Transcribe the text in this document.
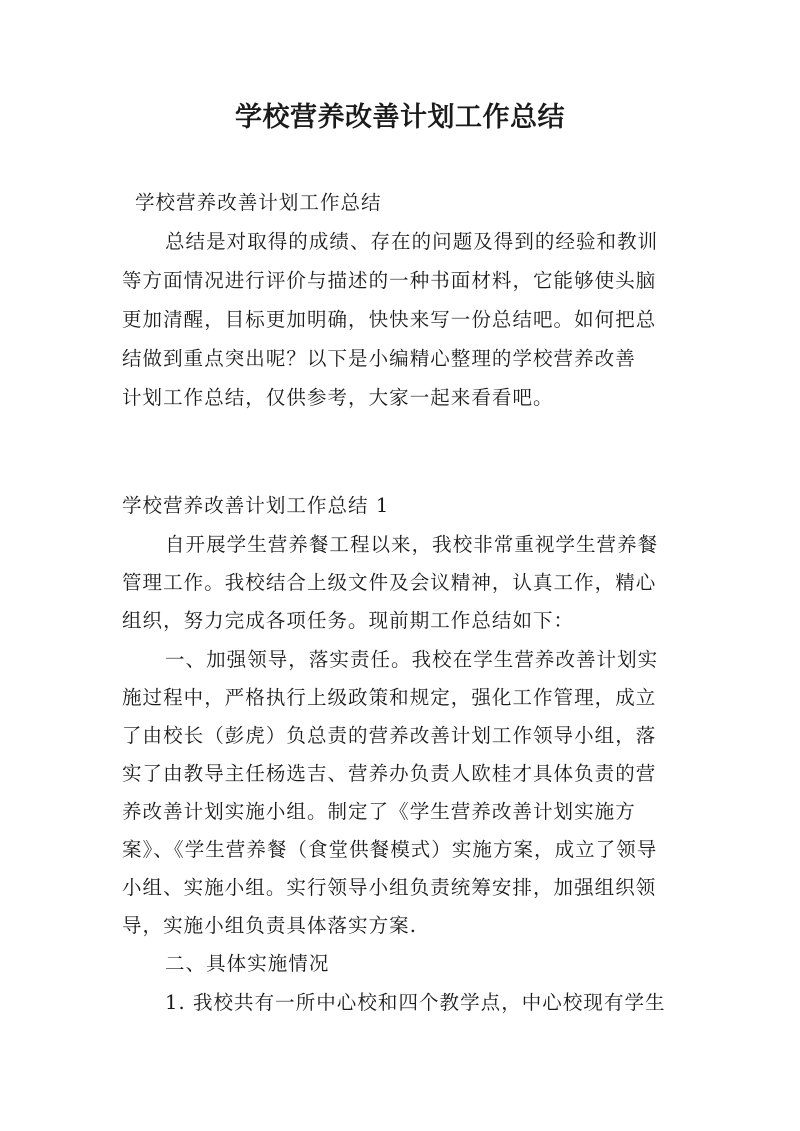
学校营养改善计划工作总结
学校营养改善计划工作总结
总结是对取得的成绩、存在的问题及得到的经验和教训
等方面情况进行评价与描述的一种书面材料，它能够使头脑
更加清醒，目标更加明确，快快来写一份总结吧。如何把总
结做到重点突出呢？以下是小编精心整理的学校营养改善
计划工作总结，仅供参考，大家一起来看看吧。
学校营养改善计划工作总结 1
自开展学生营养餐工程以来，我校非常重视学生营养餐
管理工作。我校结合上级文件及会议精神，认真工作，精心
组织，努力完成各项任务。现前期工作总结如下：
一、加强领导，落实责任。我校在学生营养改善计划实
施过程中，严格执行上级政策和规定，强化工作管理，成立
了由校长（彭虎）负总责的营养改善计划工作领导小组，落
实了由教导主任杨选吉、营养办负责人欧桂才具体负责的营
养改善计划实施小组。制定了《学生营养改善计划实施方
案》、《学生营养餐（食堂供餐模式）实施方案，成立了领导
小组、实施小组。实行领导小组负责统筹安排，加强组织领
导，实施小组负责具体落实方案.
二、具体实施情况
1. 我校共有一所中心校和四个教学点，中心校现有学生
